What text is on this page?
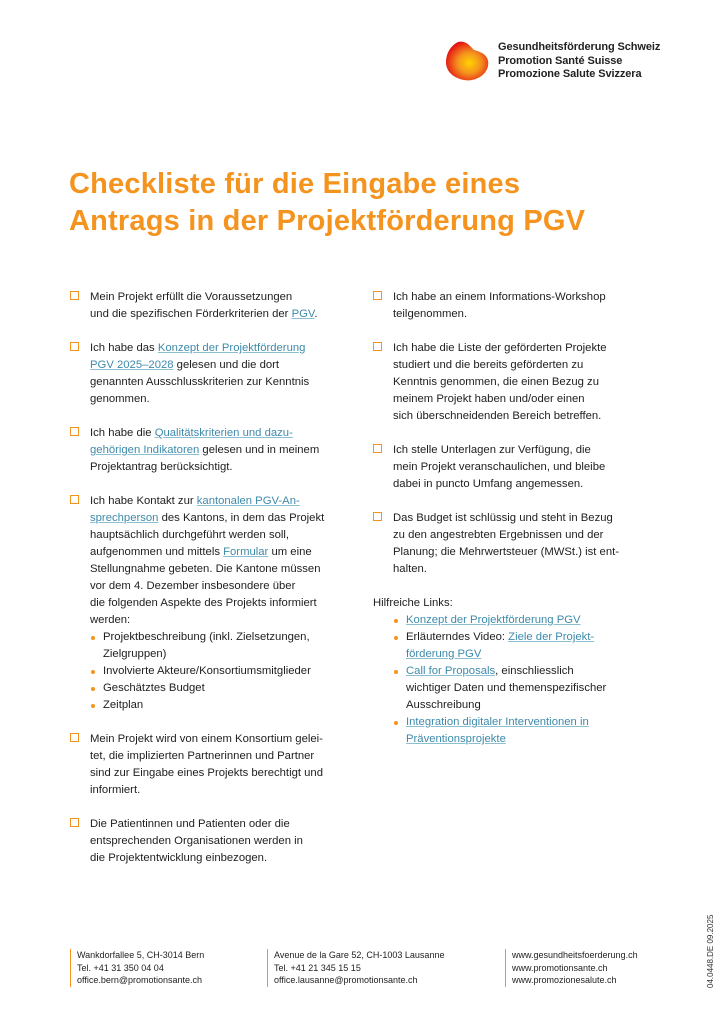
Gesundheitsförderung Schweiz
Promotion Santé Suisse
Promozione Salute Svizzera
Checkliste für die Eingabe eines
Antrags in der Projektförderung PGV
Mein Projekt erfüllt die Voraussetzungen
und die spezifischen Förderkriterien der PGV.
Ich habe das Konzept der Projektförderung
PGV 2025–2028 gelesen und die dort
genannten Ausschlusskriterien zur Kenntnis
genommen.
Ich habe die Qualitätskriterien und dazu-
gehörigen Indikatoren gelesen und in meinem
Projektantrag berücksichtigt.
Ich habe Kontakt zur kantonalen PGV-An-
sprechperson des Kantons, in dem das Projekt
hauptsächlich durchgeführt werden soll,
aufgenommen und mittels Formular um eine
Stellungnahme gebeten. Die Kantone müssen
vor dem 4. Dezember insbesondere über
die folgenden Aspekte des Projekts informiert
werden:
Projektbeschreibung (inkl. Zielsetzungen,
Zielgruppen)
Involvierte Akteure/Konsortiumsmitglieder
Geschätztes Budget
Zeitplan
Mein Projekt wird von einem Konsortium gelei-
tet, die implizierten Partnerinnen und Partner
sind zur Eingabe eines Projekts berechtigt und
informiert.
Die Patientinnen und Patienten oder die
entsprechenden Organisationen werden in
die Projektentwicklung einbezogen.
Ich habe an einem Informations-Workshop
teilgenommen.
Ich habe die Liste der geförderten Projekte
studiert und die bereits geförderten zu
Kenntnis genommen, die einen Bezug zu
meinem Projekt haben und/oder einen
sich überschneidenden Bereich betreffen.
Ich stelle Unterlagen zur Verfügung, die
mein Projekt veranschaulichen, und bleibe
dabei in puncto Umfang angemessen.
Das Budget ist schlüssig und steht in Bezug
zu den angestrebten Ergebnissen und der
Planung; die Mehrwertsteuer (MWSt.) ist ent-
halten.
Hilfreiche Links:
Konzept der Projektförderung PGV
Erläuterndes Video: Ziele der Projekt-
förderung PGV
Call for Proposals, einschliesslich
wichtiger Daten und themenspezifischer
Ausschreibung
Integration digitaler Interventionen in
Präventionsprojekte
Wankdorfallee 5, CH-3014 Bern
Tel. +41 31 350 04 04
office.bern@promotionsante.ch
Avenue de la Gare 52, CH-1003 Lausanne
Tel. +41 21 345 15 15
office.lausanne@promotionsante.ch
www.gesundheitsfoerderung.ch
www.promotionsante.ch
www.promozionesalute.ch	04.0448.DE 09.2025
